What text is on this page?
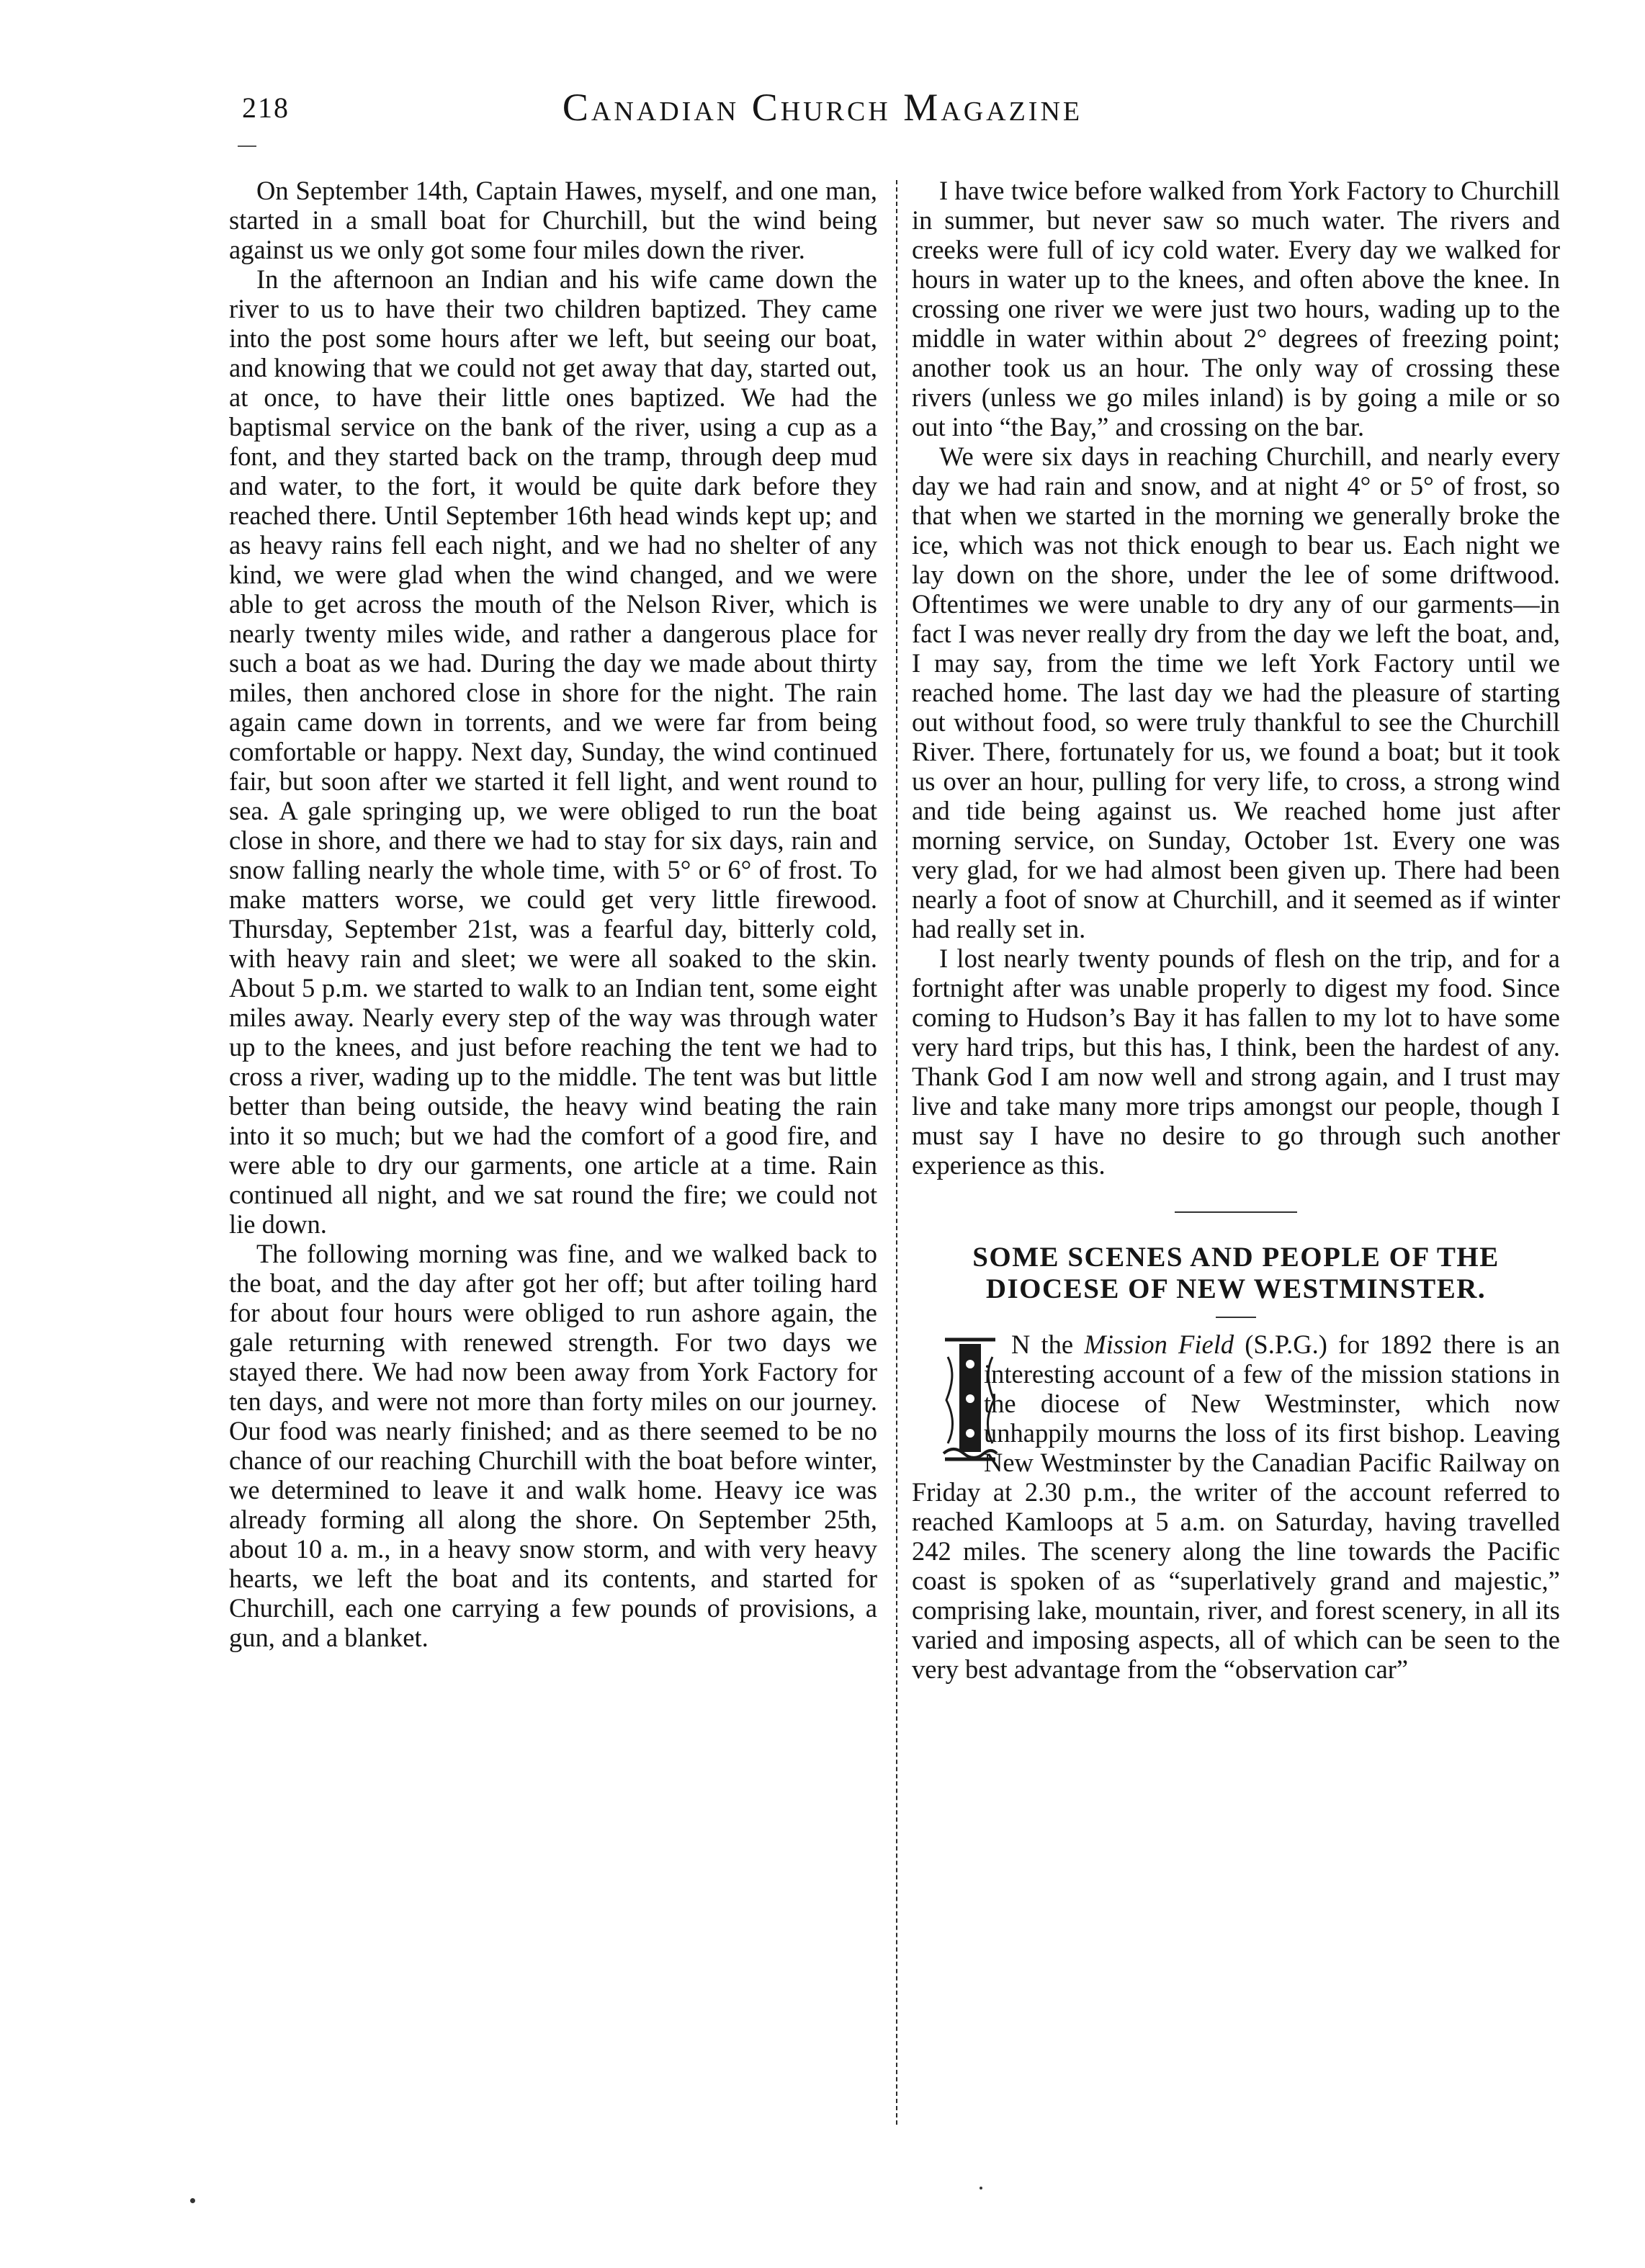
218	Canadian Church Magazine

On September 14th, Captain Hawes, myself, and one man, started in a small boat for Churchill, but the wind being against us we only got some four miles down the river.

In the afternoon an Indian and his wife came down the river to us to have their two children baptized. They came into the post some hours after we left, but seeing our boat, and knowing that we could not get away that day, started out, at once, to have their little ones baptized. We had the baptismal service on the bank of the river, using a cup as a font, and they started back on the tramp, through deep mud and water, to the fort, it would be quite dark before they reached there. Until September 16th head winds kept up; and as heavy rains fell each night, and we had no shelter of any kind, we were glad when the wind changed, and we were able to get across the mouth of the Nelson River, which is nearly twenty miles wide, and rather a dangerous place for such a boat as we had. During the day we made about thirty miles, then anchored close in shore for the night. The rain again came down in torrents, and we were far from being comfortable or happy. Next day, Sunday, the wind continued fair, but soon after we started it fell light, and went round to sea. A gale springing up, we were obliged to run the boat close in shore, and there we had to stay for six days, rain and snow falling nearly the whole time, with 5° or 6° of frost. To make matters worse, we could get very little firewood. Thursday, September 21st, was a fearful day, bitterly cold, with heavy rain and sleet; we were all soaked to the skin. About 5 p.m. we started to walk to an Indian tent, some eight miles away. Nearly every step of the way was through water up to the knees, and just before reaching the tent we had to cross a river, wading up to the middle. The tent was but little better than being outside, the heavy wind beating the rain into it so much; but we had the comfort of a good fire, and were able to dry our garments, one article at a time. Rain continued all night, and we sat round the fire; we could not lie down.

The following morning was fine, and we walked back to the boat, and the day after got her off; but after toiling hard for about four hours were obliged to run ashore again, the gale returning with renewed strength. For two days we stayed there. We had now been away from York Factory for ten days, and were not more than forty miles on our journey. Our food was nearly finished; and as there seemed to be no chance of our reaching Churchill with the boat before winter, we determined to leave it and walk home. Heavy ice was already forming all along the shore. On September 25th, about 10 a. m., in a heavy snow storm, and with very heavy hearts, we left the boat and its contents, and started for Churchill, each one carrying a few pounds of provisions, a gun, and a blanket.

I have twice before walked from York Factory to Churchill in summer, but never saw so much water. The rivers and creeks were full of icy cold water. Every day we walked for hours in water up to the knees, and often above the knee. In crossing one river we were just two hours, wading up to the middle in water within about 2° degrees of freezing point; another took us an hour. The only way of crossing these rivers (unless we go miles inland) is by going a mile or so out into “the Bay,” and crossing on the bar.

We were six days in reaching Churchill, and nearly every day we had rain and snow, and at night 4° or 5° of frost, so that when we started in the morning we generally broke the ice, which was not thick enough to bear us. Each night we lay down on the shore, under the lee of some driftwood. Oftentimes we were unable to dry any of our garments—in fact I was never really dry from the day we left the boat, and, I may say, from the time we left York Factory until we reached home. The last day we had the pleasure of starting out without food, so were truly thankful to see the Churchill River. There, fortunately for us, we found a boat; but it took us over an hour, pulling for very life, to cross, a strong wind and tide being against us. We reached home just after morning service, on Sunday, October 1st. Every one was very glad, for we had almost been given up. There had been nearly a foot of snow at Churchill, and it seemed as if winter had really set in.

I lost nearly twenty pounds of flesh on the trip, and for a fortnight after was unable properly to digest my food. Since coming to Hudson’s Bay it has fallen to my lot to have some very hard trips, but this has, I think, been the hardest of any. Thank God I am now well and strong again, and I trust may live and take many more trips amongst our people, though I must say I have no desire to go through such another experience as this.

SOME SCENES AND PEOPLE OF THE
DIOCESE OF NEW WESTMINSTER.

N the Mission Field (S.P.G.) for 1892 there is an interesting account of a few of the mission stations in the diocese of New Westminster, which now unhappily mourns the loss of its first bishop. Leaving New Westminster by the Canadian Pacific Railway on Friday at 2.30 p.m., the writer of the account referred to reached Kamloops at 5 a.m. on Saturday, having travelled 242 miles. The scenery along the line towards the Pacific coast is spoken of as “superlatively grand and majestic,” comprising lake, mountain, river, and forest scenery, in all its varied and imposing aspects, all of which can be seen to the very best advantage from the “observation car”
